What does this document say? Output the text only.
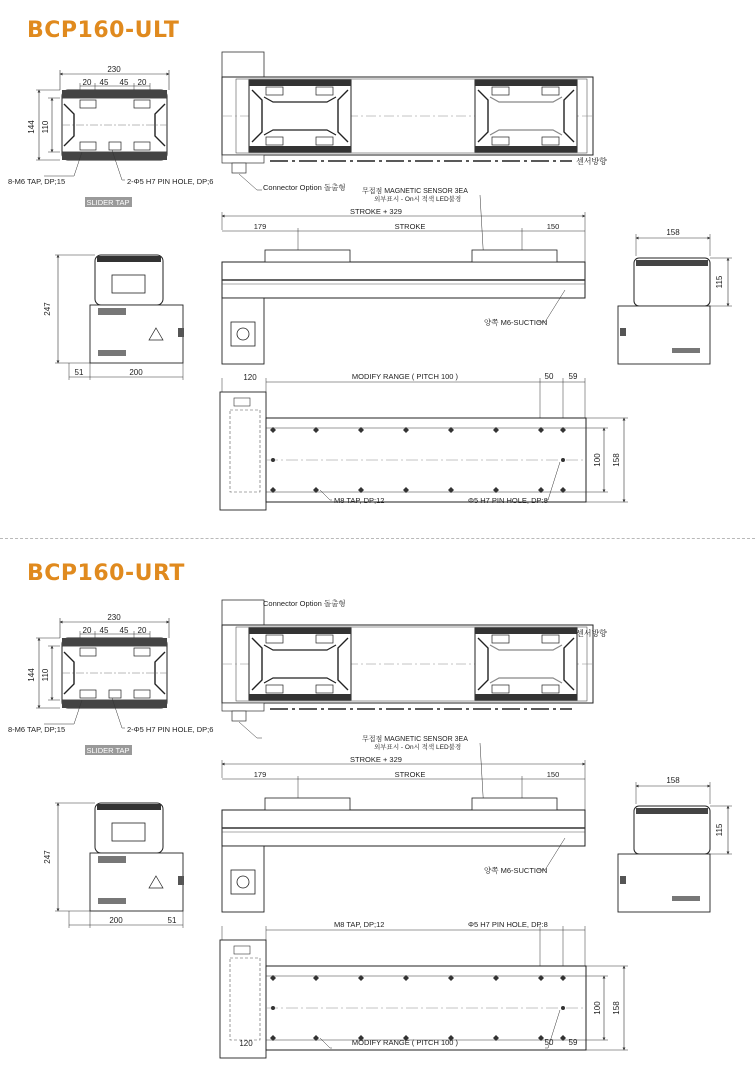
BCP160-ULT
BCP160-URT
230
20 45 45 20
144 110
8-M6 TAP, DP;15	2-Φ5 H7 PIN HOLE, DP;6
SLIDER TAP
Connector Option 돌출형
센서방향
무접점 MAGNETIC SENSOR 3EA
외부표시 - On시 적색 LED불경
STROKE + 329
179	STROKE	150
양쪽 M6-SUCTION
158
115
247
51	200
120	MODIFY RANGE ( PITCH 100 )	50 59
100 158
M8 TAP, DP;12	Φ5 H7 PIN HOLE, DP:8
230
20 45 45 20
144 110
8-M6 TAP, DP;15	2-Φ5 H7 PIN HOLE, DP;6
SLIDER TAP
Connector Option 돌출형
센서방향
무접점 MAGNETIC SENSOR 3EA
외부표시 - On시 적색 LED불경
STROKE + 329
179	STROKE	150
양쪽 M6-SUCTION
158
115
247
51
200
120	MODIFY RANGE ( PITCH 100 )	50 59
100 158
M8 TAP, DP;12	Φ5 H7 PIN HOLE, DP:8
